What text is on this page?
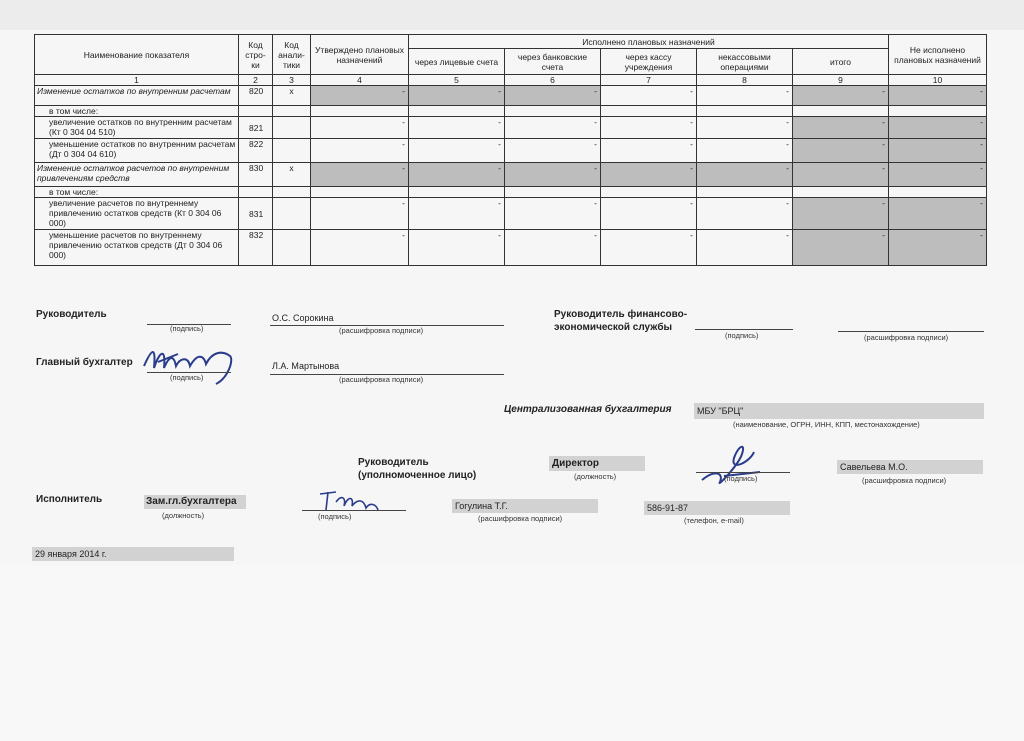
Наименование показателя	Код стро- ки	Код анали- тики	Утверждено плановых назначений	Исполнено плановых назначений					Не исполнено плановых назначений
				через лицевые счета	через банковские счета	через кассу учреждения	некассовыми операциями	итого	
1	2	3	4	5	6	7	8	9	10
Изменение остатков по внутренним расчетам	820	x	-	-	-	-	-	-	-
в том числе:									
увеличение остатков по внутренним расчетам (Кт 0 304 04 510)	821		-	-	-	-	-	-	-
уменьшение остатков по внутренним расчетам (Дт 0 304 04 610)	822		-	-	-	-	-	-	-
Изменение остатков расчетов по внутренним привлечениям средств	830	x	-	-	-	-	-	-	-
в том числе:									
увеличение расчетов по внутреннему привлечению остатков средств (Кт 0 304 06 000)	831		-	-	-	-	-	-	-
уменьшение расчетов по внутреннему привлечению остатков средств (Дт 0 304 06 000)	832		-	-	-	-	-	-	-
Руководитель
(подпись)
О.С. Сорокина
(расшифровка подписи)
Главный бухгалтер
(подпись)
Л.А. Мартынова
(расшифровка подписи)
Руководитель финансово- экономической службы
(подпись)	(расшифровка подписи)
Централизованная бухгалтерия	МБУ "БРЦ"
(наименование, ОГРН, ИНН, КПП, местонахождение)
Руководитель (уполномоченное лицо)
Директор
(должность)	(подпись)
Савельева М.О.
(расшифровка подписи)
Исполнитель	Зам.гл.бухгалтера
(должность)	(подпись)
Гогулина Т.Г.
(расшифровка подписи)
586-91-87
(телефон, e-mail)
29 января 2014 г.
